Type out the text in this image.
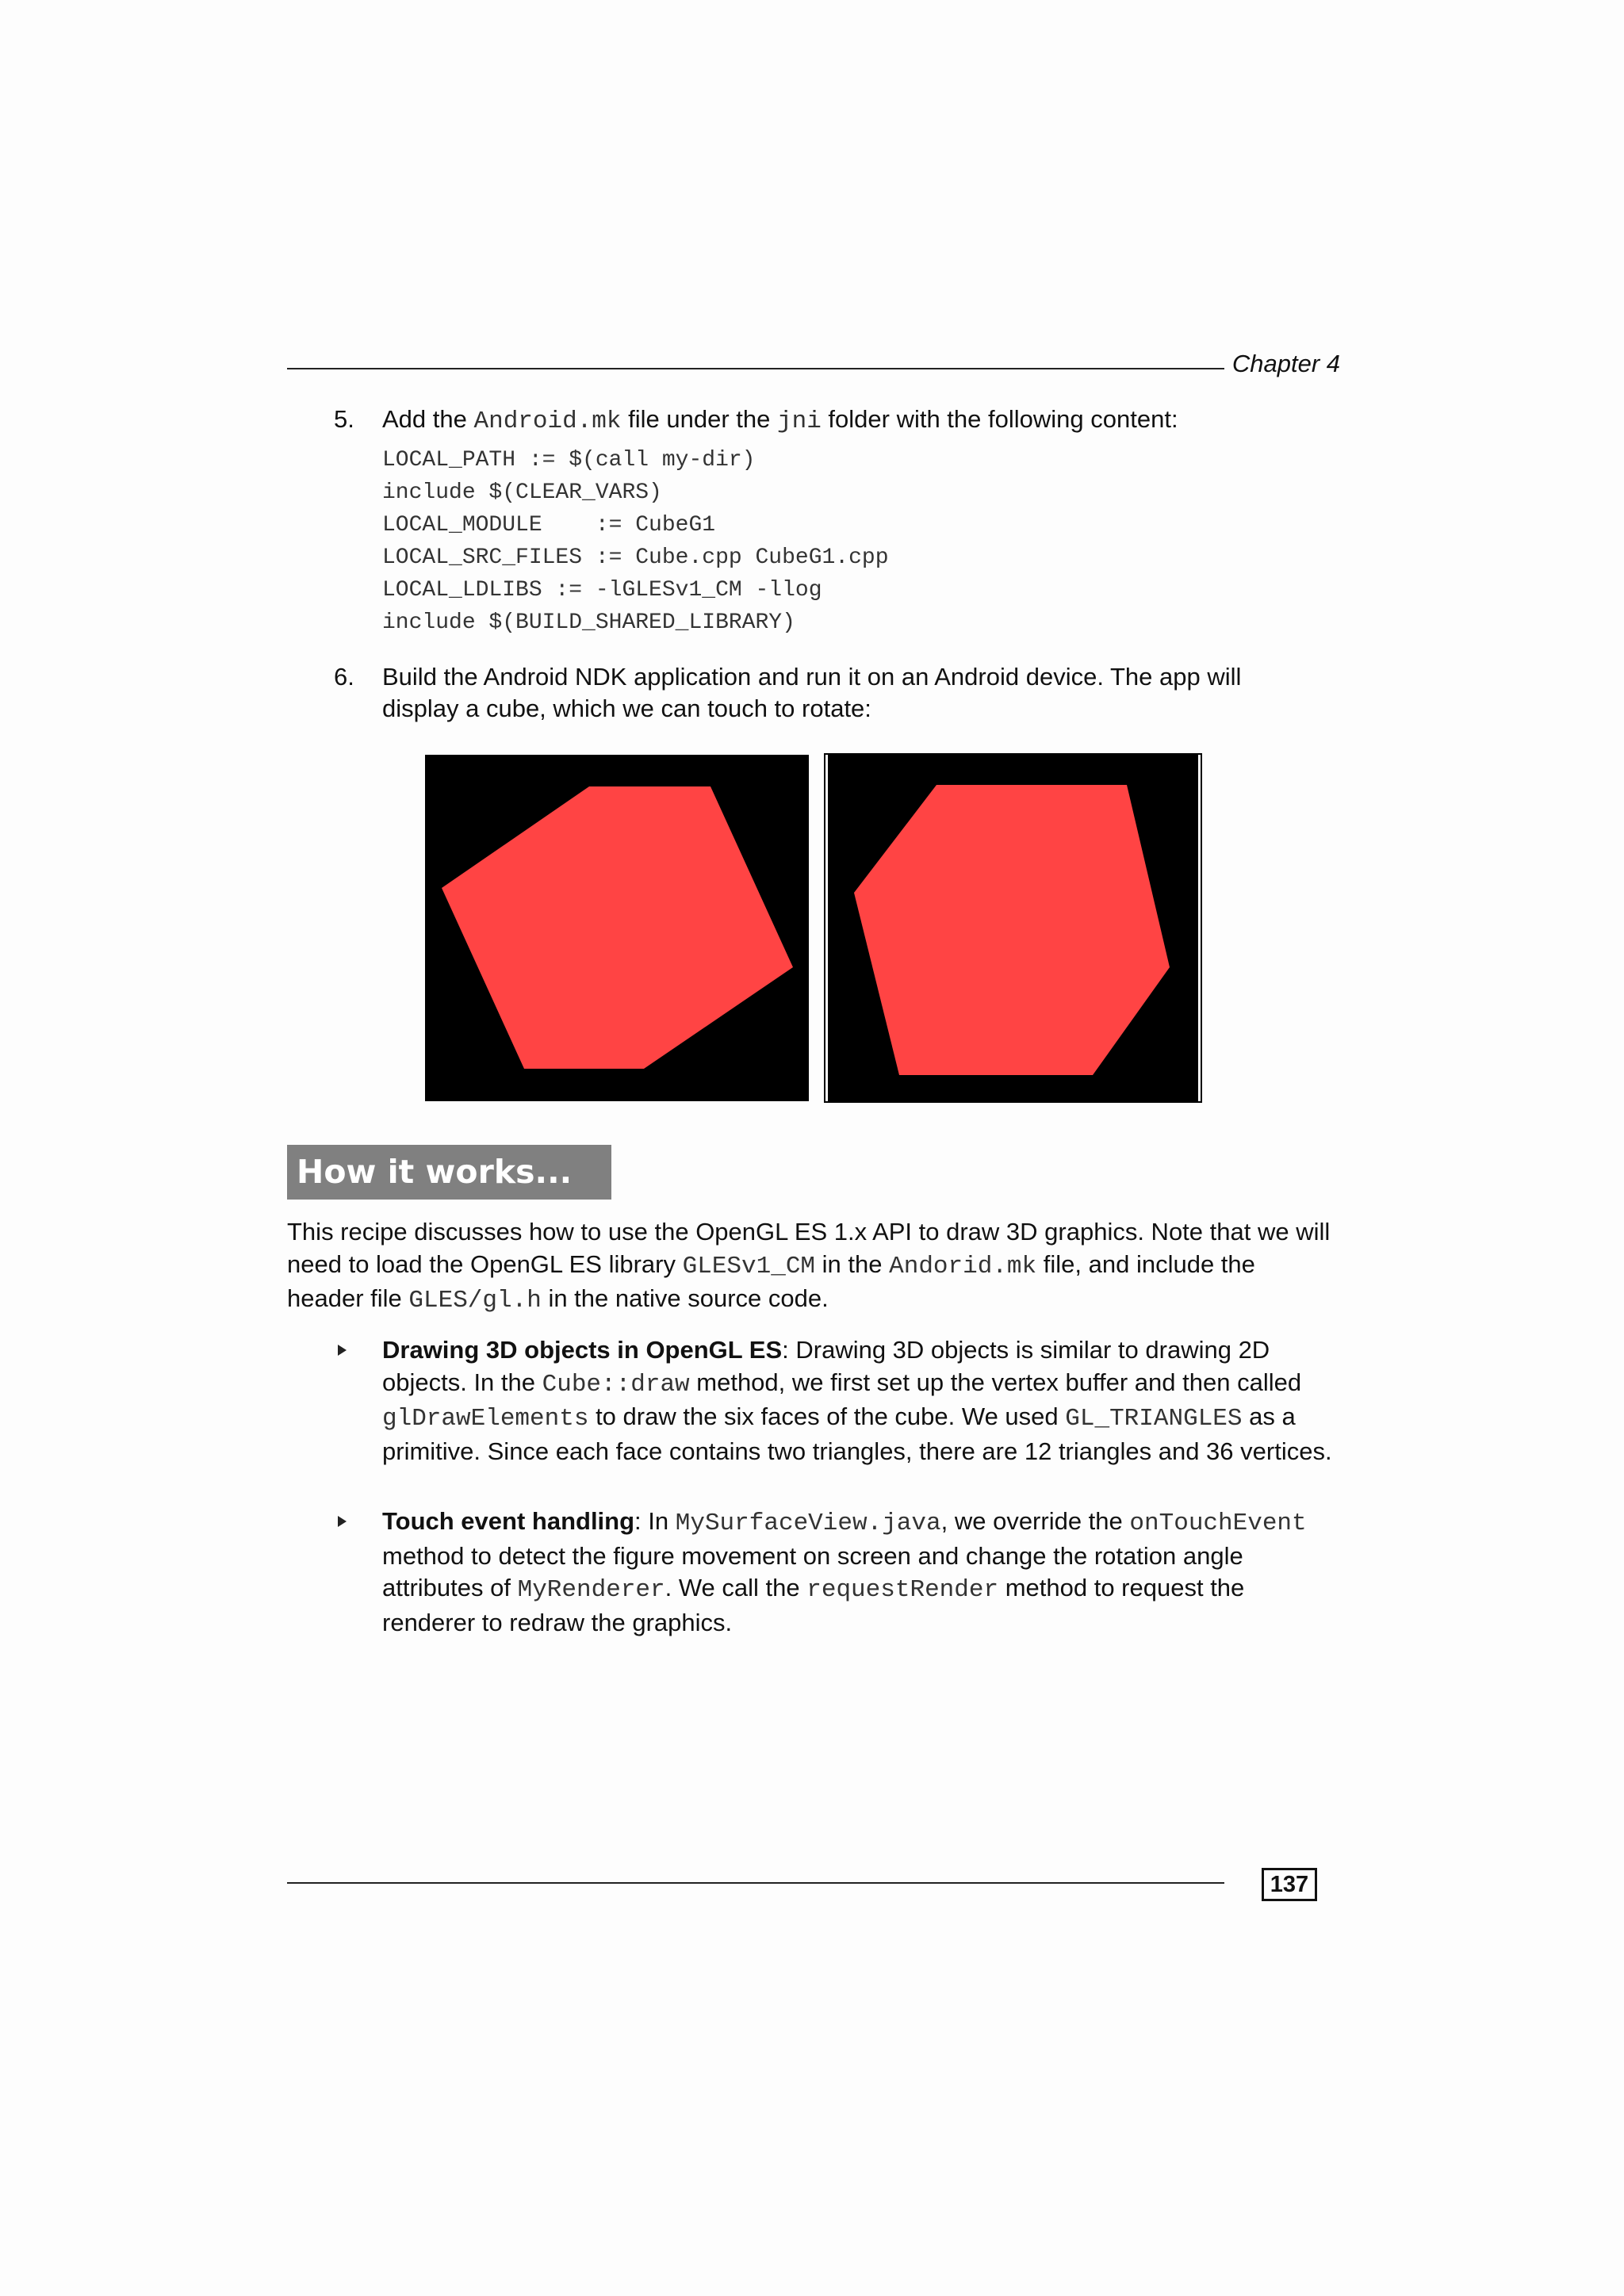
Chapter 4
5. Add the Android.mk file under the jni folder with the following content:
LOCAL_PATH := $(call my-dir)
include $(CLEAR_VARS)
LOCAL_MODULE    := CubeG1
LOCAL_SRC_FILES := Cube.cpp CubeG1.cpp
LOCAL_LDLIBS := -lGLESv1_CM -llog
include $(BUILD_SHARED_LIBRARY)
6. Build the Android NDK application and run it on an Android device. The app will display a cube, which we can touch to rotate:
How it works...
This recipe discusses how to use the OpenGL ES 1.x API to draw 3D graphics. Note that we will need to load the OpenGL ES library GLESv1_CM in the Andorid.mk file, and include the header file GLES/gl.h in the native source code.
Drawing 3D objects in OpenGL ES: Drawing 3D objects is similar to drawing 2D objects. In the Cube::draw method, we first set up the vertex buffer and then called glDrawElements to draw the six faces of the cube. We used GL_TRIANGLES as a primitive. Since each face contains two triangles, there are 12 triangles and 36 vertices.
Touch event handling: In MySurfaceView.java, we override the onTouchEvent method to detect the figure movement on screen and change the rotation angle attributes of MyRenderer. We call the requestRender method to request the renderer to redraw the graphics.
137
